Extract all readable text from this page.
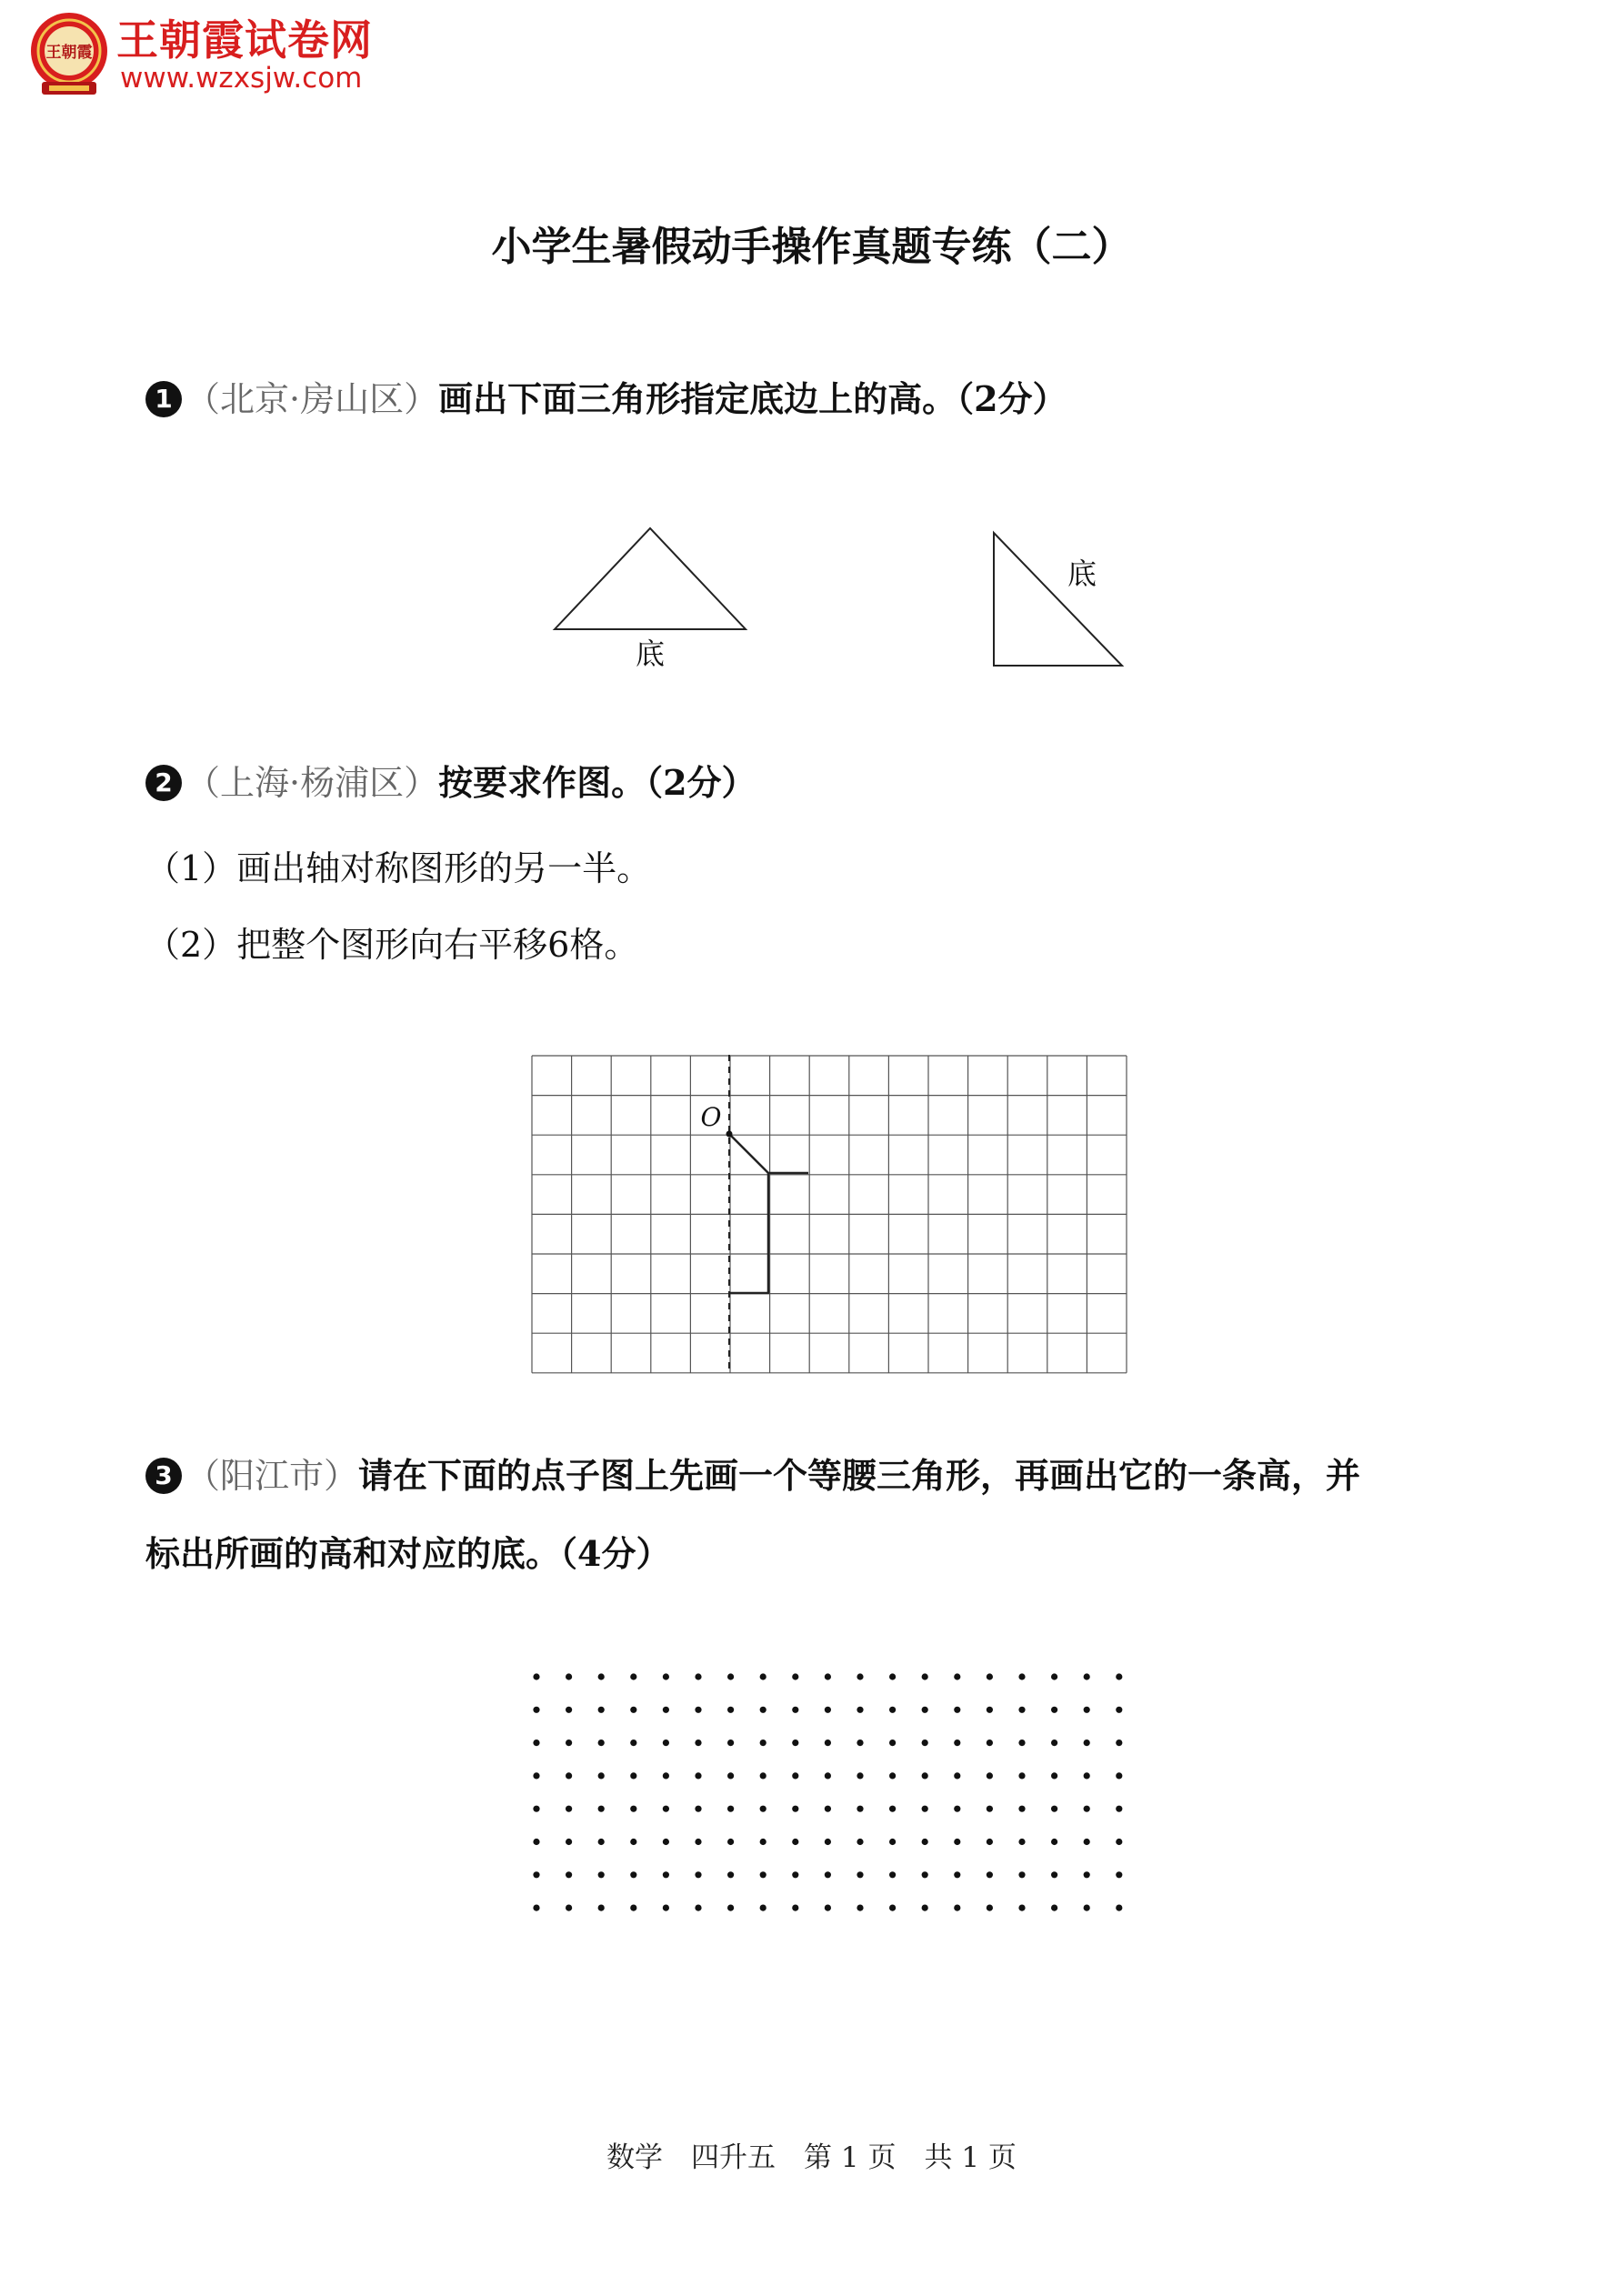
王朝霞 王朝霞试卷网
www.wzxsjw.com
小学生暑假动手操作真题专练（二）
1 （北京·房山区）画出下面三角形指定底边上的高。（2分）
底
底
2 （上海·杨浦区）按要求作图。（2分）
（1）画出轴对称图形的另一半。
（2）把整个图形向右平移6格。
O
3 （阳江市）请在下面的点子图上先画一个等腰三角形，再画出它的一条高，并
标出所画的高和对应的底。（4分）
数学　四升五　第 1 页　共 1 页
